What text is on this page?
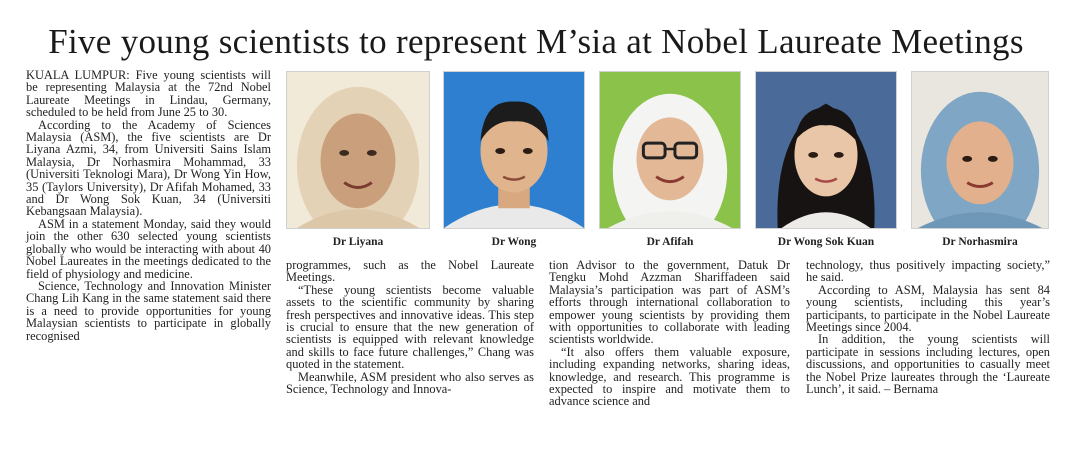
Five young scientists to represent M’sia at Nobel Laureate Meetings

KUALA LUMPUR: Five young scientists will be representing Malaysia at the 72nd Nobel Laureate Meetings in Lindau, Germany, scheduled to be held from June 25 to 30.

According to the Academy of Sciences Malaysia (ASM), the five scientists are Dr Liyana Azmi, 34, from Universiti Sains Islam Malaysia, Dr Norhasmira Mohammad, 33 (Universiti Teknologi Mara), Dr Wong Yin How, 35 (Taylors University), Dr Afifah Mohamed, 33 and Dr Wong Sok Kuan, 34 (Universiti Kebangsaan Malaysia).

ASM in a statement Monday, said they would join the other 630 selected young scientists globally who would be interacting with about 40 Nobel Laureates in the meetings dedicated to the field of physiology and medicine.

Science, Technology and Innovation Minister Chang Lih Kang in the same statement said there is a need to provide opportunities for young Malaysian scientists to participate in globally recognised

Dr Liyana	Dr Wong	Dr Afifah	Dr Wong Sok Kuan	Dr Norhasmira

programmes, such as the Nobel Laureate Meetings.

“These young scientists become valuable assets to the scientific community by sharing fresh perspectives and innovative ideas. This step is crucial to ensure that the new generation of scientists is equipped with relevant knowledge and skills to face future challenges,” Chang was quoted in the statement.

Meanwhile, ASM president who also serves as Science, Technology and Innova-

tion Advisor to the government, Datuk Dr Tengku Mohd Azzman Shariffadeen said Malaysia’s participation was part of ASM’s efforts through international collaboration to empower young scientists by providing them with opportunities to collaborate with leading scientists worldwide.

“It also offers them valuable exposure, including expanding networks, sharing ideas, knowledge, and research. This programme is expected to inspire and motivate them to advance science and

technology, thus positively impacting society,” he said.

According to ASM, Malaysia has sent 84 young scientists, including this year’s participants, to participate in the Nobel Laureate Meetings since 2004.

In addition, the young scientists will participate in sessions including lectures, open discussions, and opportunities to casually meet the Nobel Prize laureates through the ‘Laureate Lunch’, it said. – Bernama
